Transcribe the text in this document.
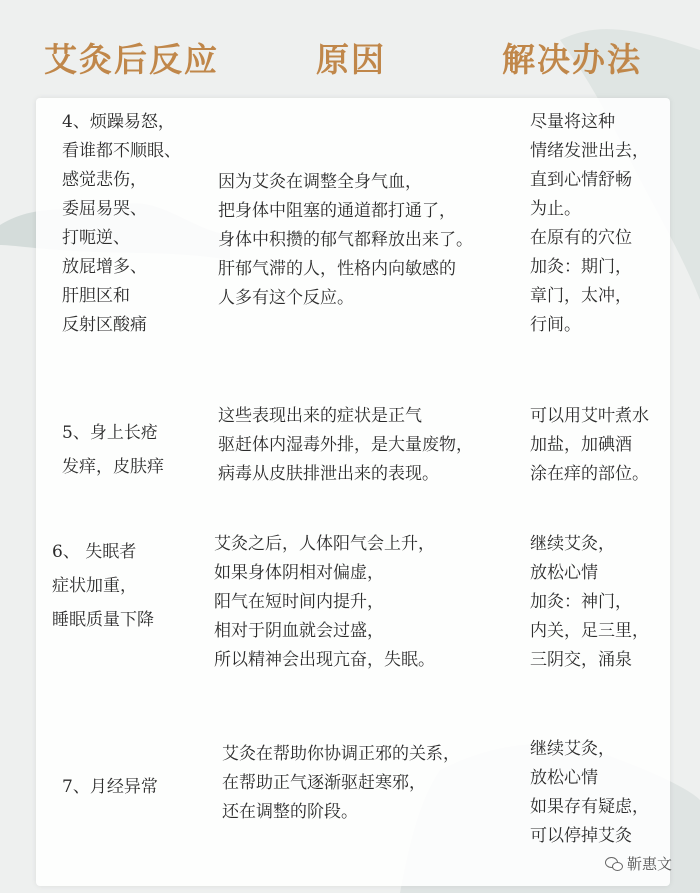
艾灸后反应	原因	解决办法
4、烦躁易怒，
看谁都不顺眼、
感觉悲伤，
委屈易哭、
打呃逆、
放屁增多、
肝胆区和
反射区酸痛
因为艾灸在调整全身气血，
把身体中阻塞的通道都打通了，
身体中积攒的郁气都释放出来了。
肝郁气滞的人，性格内向敏感的
人多有这个反应。
尽量将这种
情绪发泄出去，
直到心情舒畅
为止。
在原有的穴位
加灸：期门，
章门，太冲，
行间。
5、身上长疮
发痒，皮肤痒
这些表现出来的症状是正气
驱赶体内湿毒外排，是大量废物，
病毒从皮肤排泄出来的表现。
可以用艾叶煮水
加盐，加碘酒
涂在痒的部位。
6、 失眠者
症状加重，
睡眠质量下降
艾灸之后，人体阳气会上升，
如果身体阴相对偏虚，
阳气在短时间内提升，
相对于阴血就会过盛，
所以精神会出现亢奋，失眠。
继续艾灸，
放松心情
加灸：神门，
内关，足三里，
三阴交，涌泉
7、月经异常
艾灸在帮助你协调正邪的关系，
在帮助正气逐渐驱赶寒邪，
还在调整的阶段。
继续艾灸，
放松心情
如果存有疑虑，
可以停掉艾灸
靳惠文
